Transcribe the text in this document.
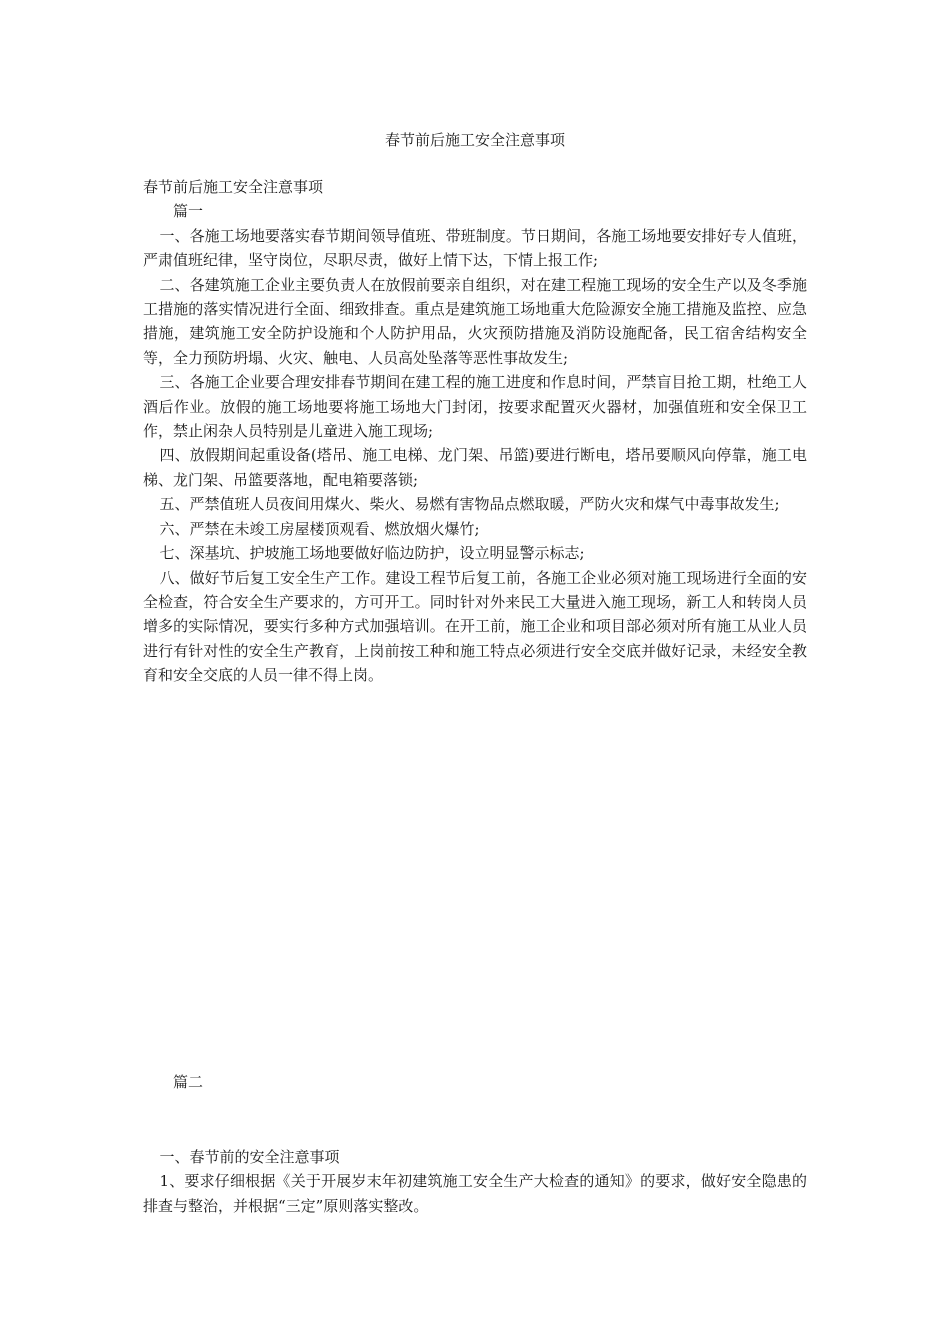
春节前后施工安全注意事项

春节前后施工安全注意事项

篇一

一、各施工场地要落实春节期间领导值班、带班制度。节日期间，各施工场地要安排好专人值班，严肃值班纪律，坚守岗位，尽职尽责，做好上情下达，下情上报工作;

二、各建筑施工企业主要负责人在放假前要亲自组织，对在建工程施工现场的安全生产以及冬季施工措施的落实情况进行全面、细致排查。重点是建筑施工场地重大危险源安全施工措施及监控、应急措施，建筑施工安全防护设施和个人防护用品，火灾预防措施及消防设施配备，民工宿舍结构安全等，全力预防坍塌、火灾、触电、人员高处坠落等恶性事故发生;

三、各施工企业要合理安排春节期间在建工程的施工进度和作息时间，严禁盲目抢工期，杜绝工人酒后作业。放假的施工场地要将施工场地大门封闭，按要求配置灭火器材，加强值班和安全保卫工作，禁止闲杂人员特别是儿童进入施工现场;

四、放假期间起重设备(塔吊、施工电梯、龙门架、吊篮)要进行断电，塔吊要顺风向停靠，施工电梯、龙门架、吊篮要落地，配电箱要落锁;

五、严禁值班人员夜间用煤火、柴火、易燃有害物品点燃取暖，严防火灾和煤气中毒事故发生;

六、严禁在未竣工房屋楼顶观看、燃放烟火爆竹;

七、深基坑、护坡施工场地要做好临边防护，设立明显警示标志;

八、做好节后复工安全生产工作。建设工程节后复工前，各施工企业必须对施工现场进行全面的安全检查，符合安全生产要求的，方可开工。同时针对外来民工大量进入施工现场，新工人和转岗人员增多的实际情况，要实行多种方式加强培训。在开工前，施工企业和项目部必须对所有施工从业人员进行有针对性的安全生产教育，上岗前按工种和施工特点必须进行安全交底并做好记录，未经安全教育和安全交底的人员一律不得上岗。

篇二

一、春节前的安全注意事项

1、要求仔细根据《关于开展岁末年初建筑施工安全生产大检查的通知》的要求，做好安全隐患的排查与整治，并根据“三定”原则落实整改。
